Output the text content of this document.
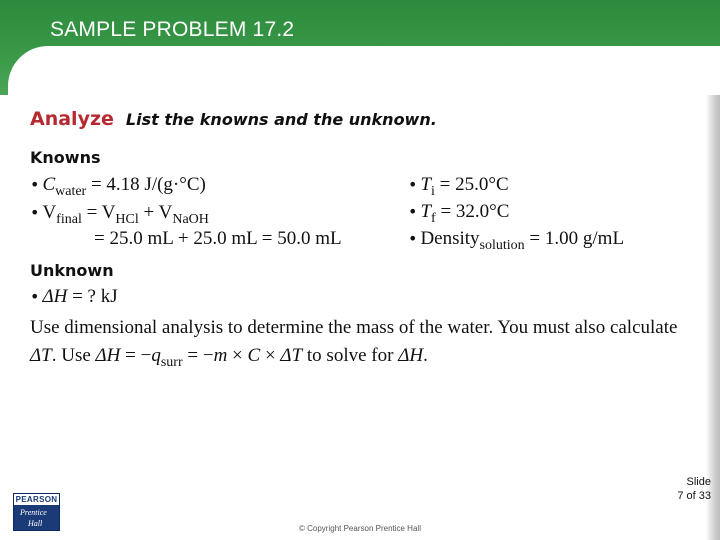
SAMPLE PROBLEM 17.2
Analyze List the knowns and the unknown.
Knowns
• $C_{water} = 4.18$ J/(g·°C)
• $V_{final} = V_{HCl} + V_{NaOH}$
= 25.0 mL + 25.0 mL = 50.0 mL
• $T_i = 25.0^\circ C$
• $T_f = 32.0^\circ C$
• Density$_{solution}$ = 1.00 g/mL
Unknown
• ΔH = ? kJ
Use dimensional analysis to determine the mass of the water. You must also calculate ΔT. Use $\Delta H = -q_{surr} = -m \times C \times \Delta T$ to solve for ΔH.
PEARSON
Prentice
Hall
© Copyright Pearson Prentice Hall
Slide
7 of 33
